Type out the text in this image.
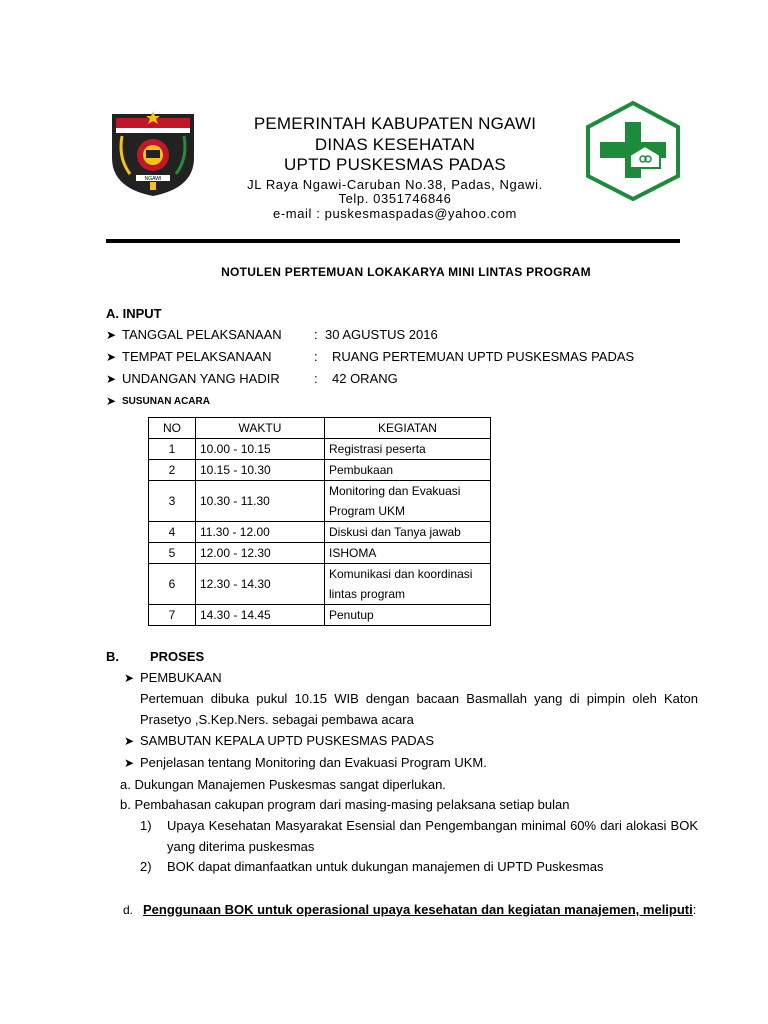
NGAWI
PEMERINTAH KABUPATEN NGAWI
DINAS KESEHATAN
UPTD PUSKESMAS PADAS
JL Raya Ngawi-Caruban No.38, Padas, Ngawi.
Telp. 0351746846
e-mail : puskesmaspadas@yahoo.com
NOTULEN PERTEMUAN LOKAKARYA MINI LINTAS PROGRAM
A. INPUT
➤ TANGGAL PELAKSANAAN : 30 AGUSTUS 2016
➤ TEMPAT PELAKSANAAN	: RUANG PERTEMUAN UPTD PUSKESMAS PADAS
➤ UNDANGAN YANG HADIR	: 42 ORANG
➤ SUSUNAN ACARA
NO	WAKTU	KEGIATAN
1	10.00 - 10.15	Registrasi peserta
2	10.15 - 10.30	Pembukaan
3	10.30 - 11.30	Monitoring dan Evakuasi Program UKM
4	11.30 - 12.00	Diskusi dan Tanya jawab
5	12.00 - 12.30	ISHOMA
6	12.30 - 14.30	Komunikasi dan koordinasi lintas program
7	14.30 - 14.45	Penutup
B. PROSES
➤ PEMBUKAAN
Pertemuan dibuka pukul 10.15 WIB dengan bacaan Basmallah yang di pimpin oleh Katon Prasetyo ,S.Kep.Ners. sebagai pembawa acara
➤ SAMBUTAN KEPALA UPTD PUSKESMAS PADAS
➤ Penjelasan tentang Monitoring dan Evakuasi Program UKM.
a. Dukungan Manajemen Puskesmas sangat diperlukan.
b. Pembahasan cakupan program dari masing-masing pelaksana setiap bulan
1) Upaya Kesehatan Masyarakat Esensial dan Pengembangan minimal 60% dari alokasi BOK yang diterima puskesmas
2) BOK dapat dimanfaatkan untuk dukungan manajemen di UPTD Puskesmas
d. Penggunaan BOK untuk operasional upaya kesehatan dan kegiatan manajemen, meliputi:
